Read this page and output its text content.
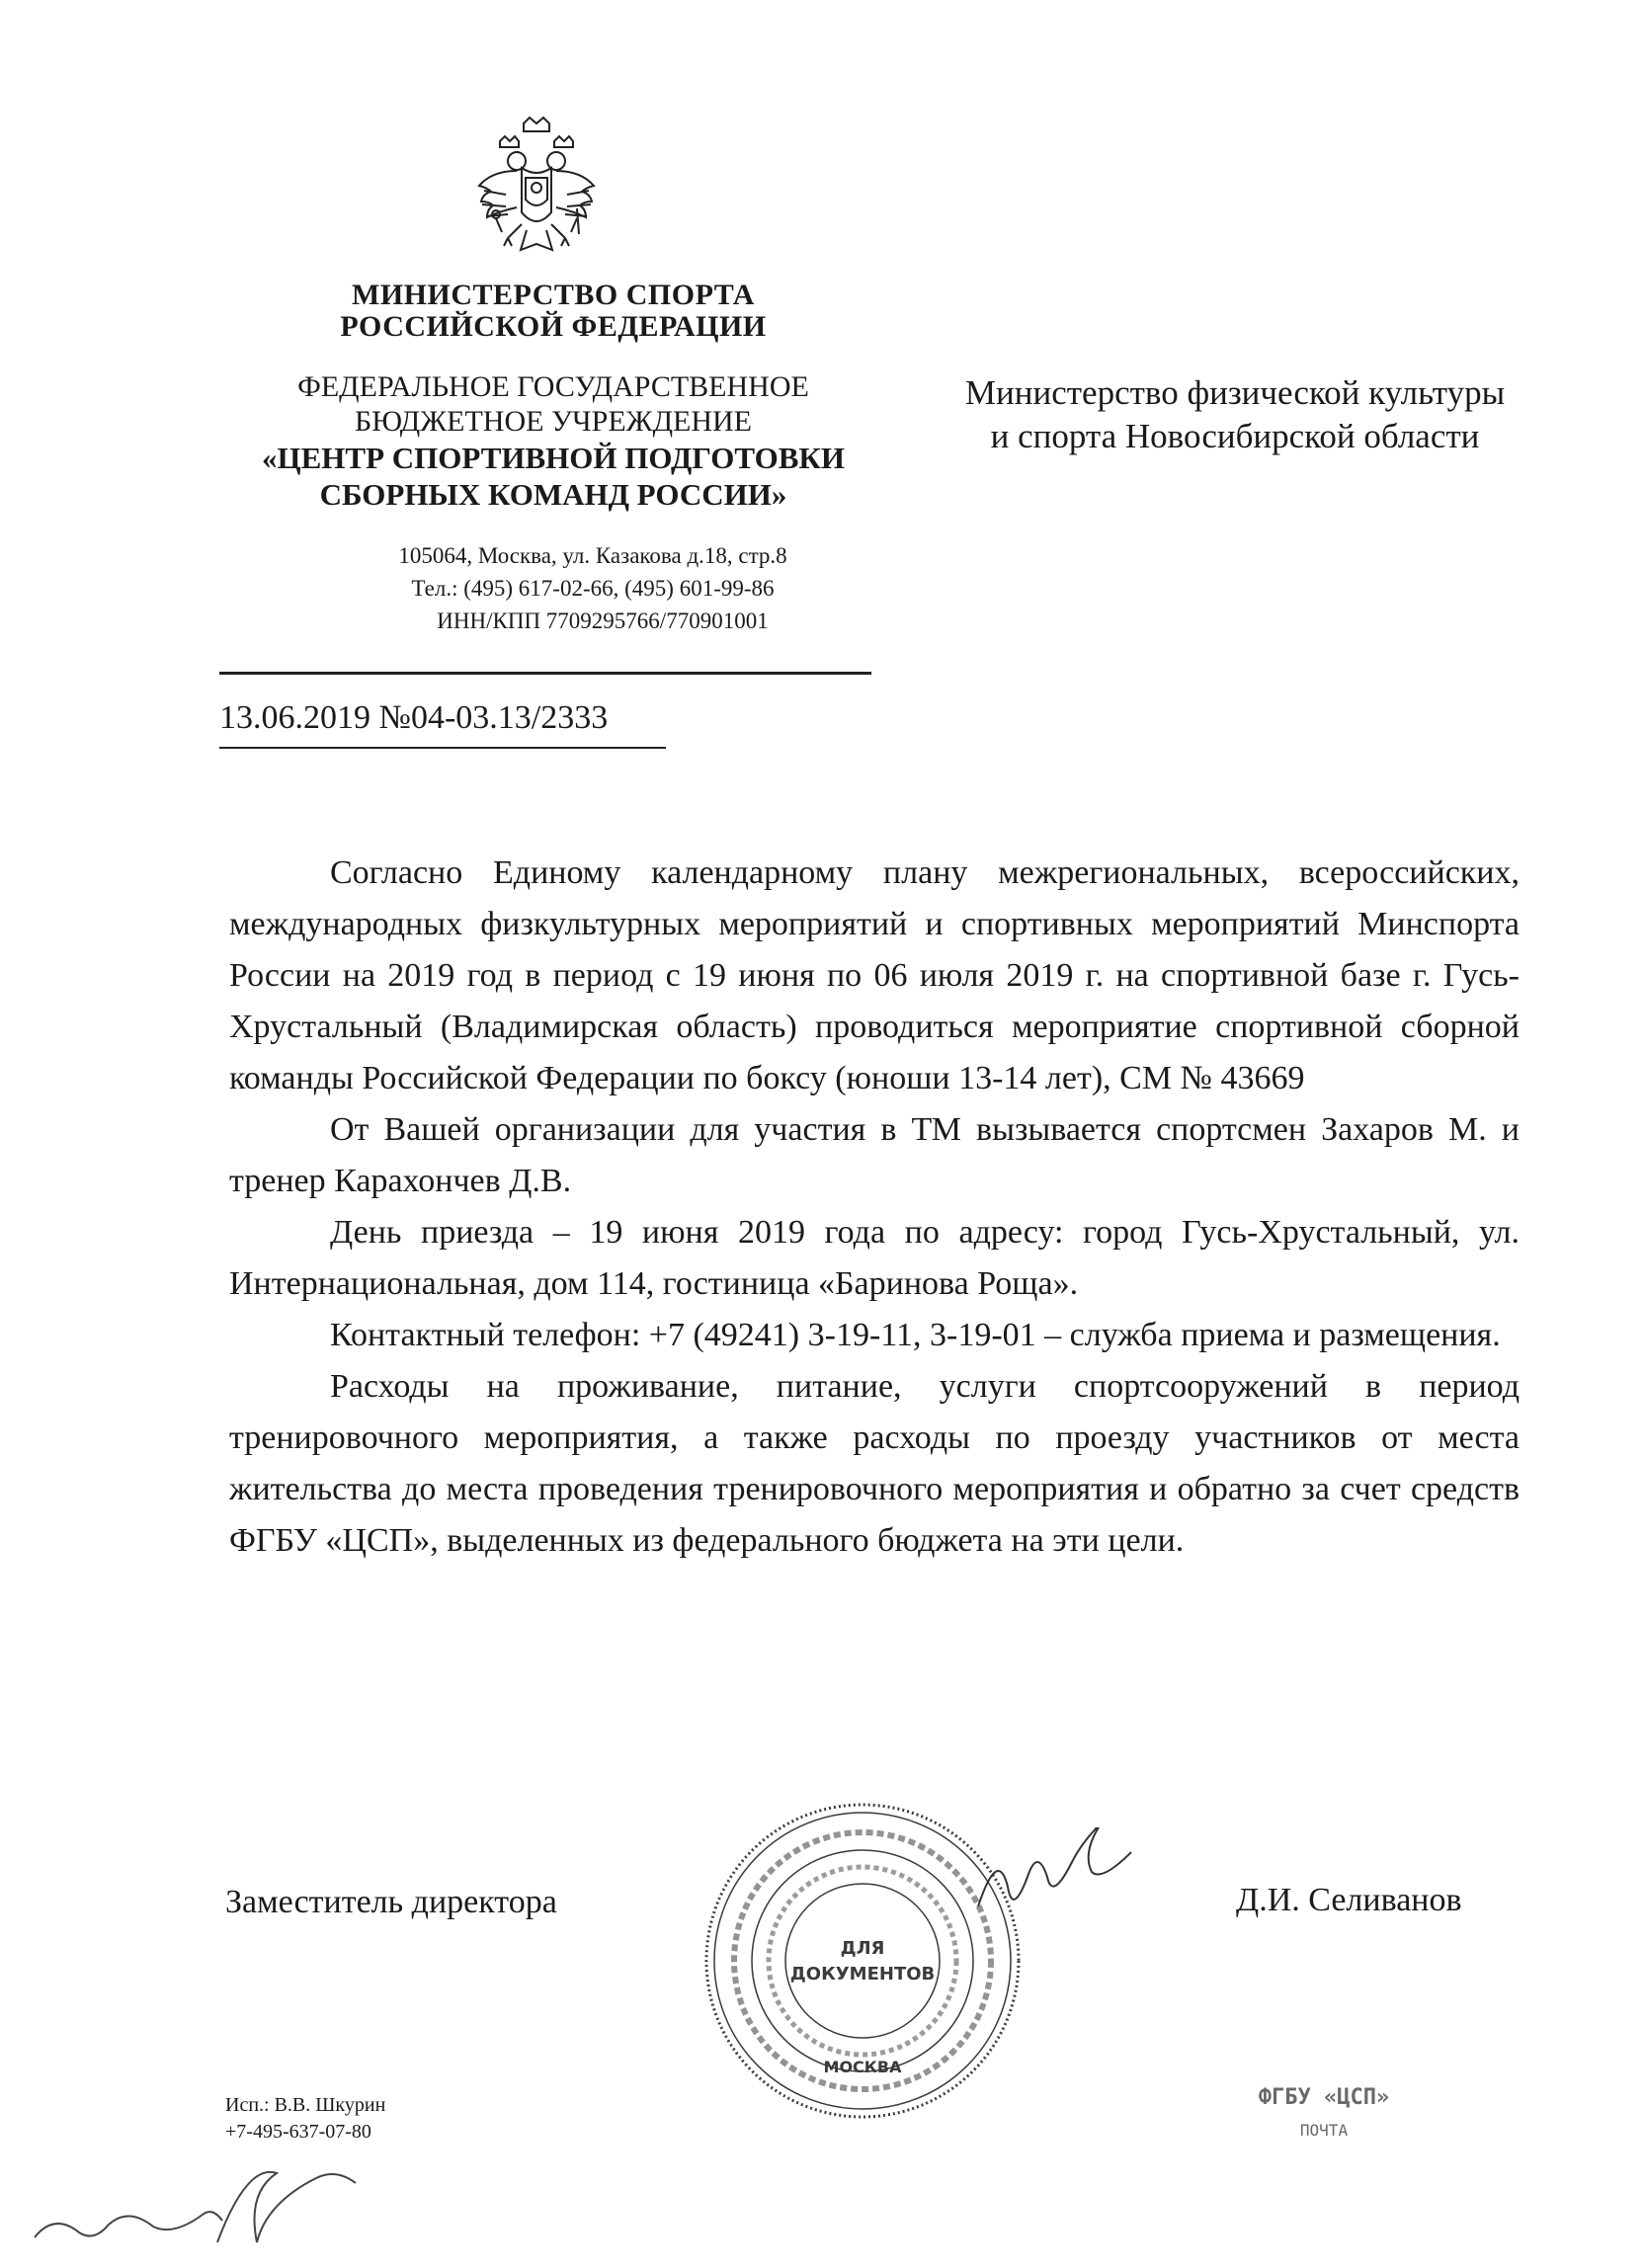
МИНИСТЕРСТВО СПОРТА
РОССИЙСКОЙ ФЕДЕРАЦИИ
ФЕДЕРАЛЬНОЕ ГОСУДАРСТВЕННОЕ
БЮДЖЕТНОЕ УЧРЕЖДЕНИЕ
«ЦЕНТР СПОРТИВНОЙ ПОДГОТОВКИ
СБОРНЫХ КОМАНД РОССИИ»
105064, Москва, ул. Казакова д.18, стр.8
Тел.: (495) 617-02-66, (495) 601-99-86
ИНН/КПП 7709295766/770901001
Министерство физической культуры
и спорта Новосибирской области
13.06.2019 №04-03.13/2333

Согласно Единому календарному плану межрегиональных, всероссийских, международных физкультурных мероприятий и спортивных мероприятий Минспорта России на 2019 год в период с 19 июня по 06 июля 2019 г. на спортивной базе г. Гусь-Хрустальный (Владимирская область) проводиться мероприятие спортивной сборной команды Российской Федерации по боксу (юноши 13-14 лет), СМ № 43669

От Вашей организации для участия в ТМ вызывается спортсмен Захаров М. и тренер Карахончев Д.В.

День приезда – 19 июня 2019 года по адресу: город Гусь-Хрустальный, ул. Интернациональная, дом 114, гостиница «Баринова Роща».

Контактный телефон: +7 (49241) 3-19-11, 3-19-01 – служба приема и размещения.

Расходы на проживание, питание, услуги спортсооружений в период тренировочного мероприятия, а также расходы по проезду участников от места жительства до места проведения тренировочного мероприятия и обратно за счет средств ФГБУ «ЦСП», выделенных из федерального бюджета на эти цели.

Заместитель директора	Д.И. Селиванов
ДЛЯ
ДОКУМЕНТОВ
МОСКВА
Исп.: В.В. Шкурин
+7-495-637-07-80
ФГБУ «ЦСП»
ПОЧТА
